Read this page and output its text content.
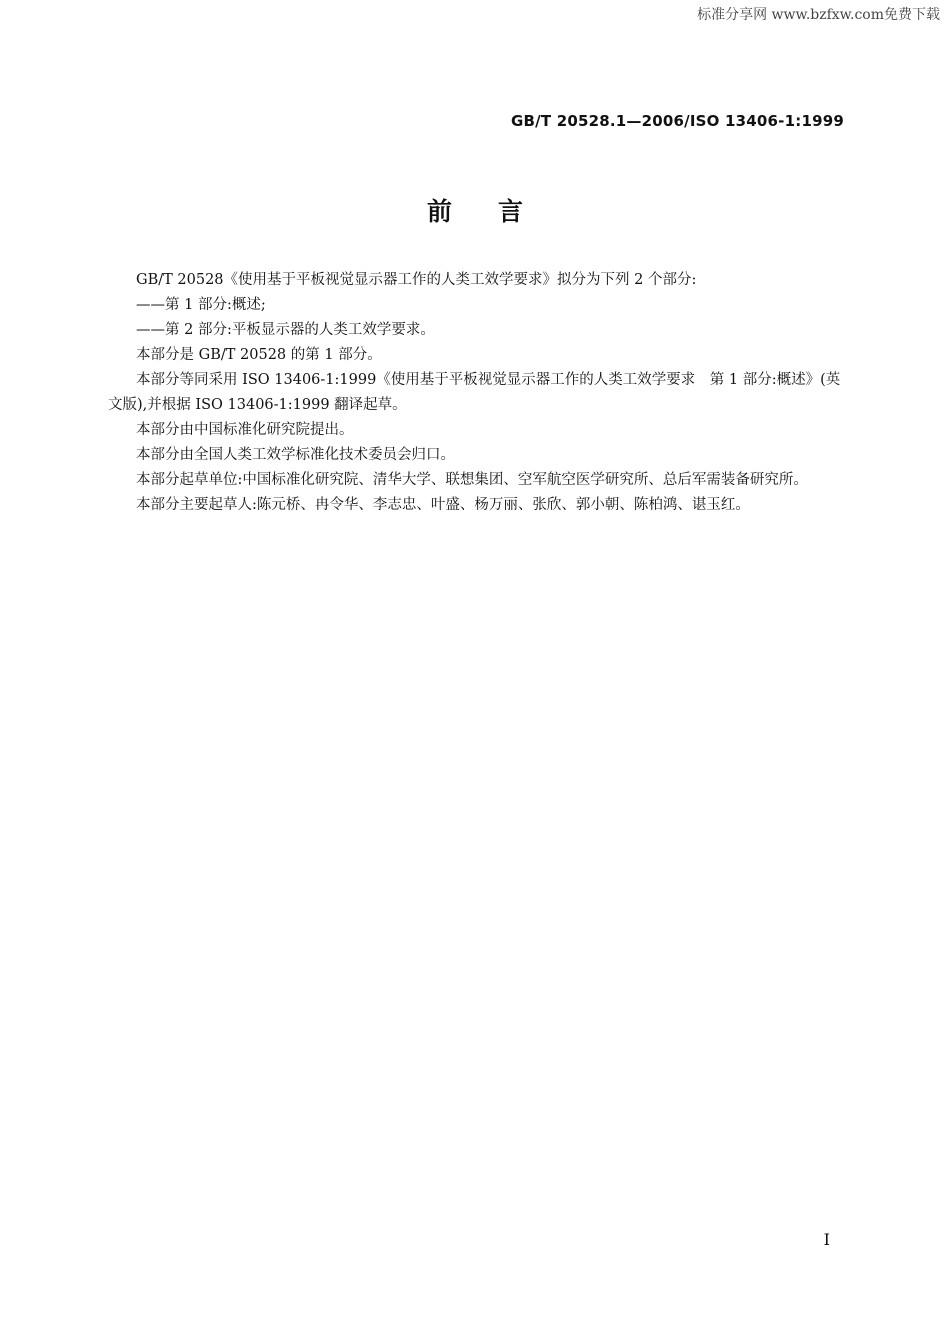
标准分享网 www.bzfxw.com免费下载
GB/T 20528.1—2006/ISO 13406-1:1999
前言

GB/T 20528《使用基于平板视觉显示器工作的人类工效学要求》拟分为下列 2 个部分:

——第 1 部分:概述;

——第 2 部分:平板显示器的人类工效学要求。

本部分是 GB/T 20528 的第 1 部分。

本部分等同采用 ISO 13406-1:1999《使用基于平板视觉显示器工作的人类工效学要求　第 1 部分:概述》(英文版),并根据 ISO 13406-1:1999 翻译起草。

本部分由中国标准化研究院提出。

本部分由全国人类工效学标准化技术委员会归口。

本部分起草单位:中国标准化研究院、清华大学、联想集团、空军航空医学研究所、总后军需装备研究所。

本部分主要起草人:陈元桥、冉令华、李志忠、叶盛、杨万丽、张欣、郭小朝、陈柏鸿、谌玉红。

I
